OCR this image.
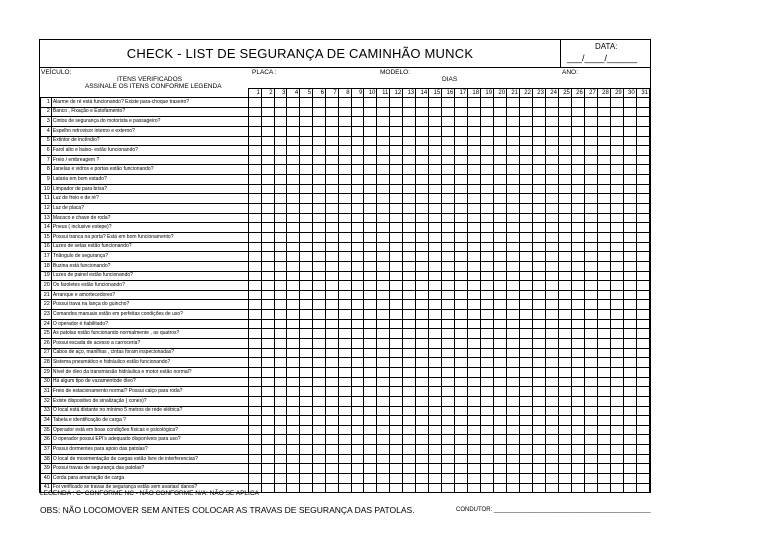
CHECK - LIST DE SEGURANÇA DE CAMINHÃO MUNCK	DATA:
___/____/______
VEÍCULO:	PLACA :	MODELO:	ANO:
ITENS VERIFICADOS	DIAS
ASSINALE OS ITENS CONFORME LEGENDA
		1	2	3	4	5	6	7	8	9	10	11	12	13	14	15	16	17	18	19	20	21	22	23	24	25	26	27	28	29	30	31
1	Alarme de ré está funcionando? Existe para-choque traseiro?																															
2	Banco , Fixação e Estofamento?																															
3	Cintos de segurança do motorista e passageiro?																															
4	Espelho retrovisor interno e externo?																															
5	Extintor de incêndio?																															
6	Farol alto e baixo- estão funcionando?																															
7	Freio / embreagem ?																															
8	Janelas e vidros e portas estão funcionando?																															
9	Lataria em bom estado?																															
10	Limpador de para brisa?																															
11	Luz de freio e de ré?																															
12	Luz de placa?																															
13	Macaco e chave de roda?																															
14	Pneus ( inclusive estepe)?																															
15	Possui tranca na porta? Está em bom funcionamento?																															
16	Luzes de setas estão funcionando?																															
17	Triângulo de segurança?																															
18	Buzina está funcionando?																															
19	Luzes de painel estão funcionando?																															
20	Os faroletes estão funcionando?																															
21	Arranque e amortecedores?																															
22	Possui trava na lança do guincho?																															
23	Comandos manuais estão em perfeitas condições de uso?																															
24	O operador é habilitado?																															
25	As patolas estão funcionando normalmente , as quatros?																															
26	Possui escada de acesso a carroceria?																															
27	Cabos de aço, manilhas , cintas foram inspecionadas?																															
28	Sistema pneumático e hidráulico estão funcionando?																															
29	Nível de óleo da transmissão hidráulica e motor estão normal?																															
30	Há algum tipo de vazamentode óleo?																															
31	Freio de estacionamento normal? Possui calço para roda?																															
32	Existe dispositivo de sinalização ( cones)?																															
33	O local está distante no mínimo 5 metros de rede elétrica?																															
34	Tabela e identificação de carga ?																															
35	Operador está em boas condições físicas e psicológica?																															
36	O operador possui EPI's adequado disponíveis para uso?																															
37	Possui dormentes para apoio das patolas?																															
38	O local de movimentação de cargas estão livre de interferencias?																															
39	Possui travas de segurança das patolas?																															
40	Corda para amarração de carga																															
41	Foi verificado se travas de segurança estão sem avarias/ danos?																															
LEGENDA : C- CONFORME NC - NÃO CONFORME N/A: NÃO SE APLICA
OBS: NÃO LOCOMOVER SEM ANTES COLOCAR AS TRAVAS DE SEGURANÇA DAS PATOLAS.	CONDUTOR: _______________________________________________
